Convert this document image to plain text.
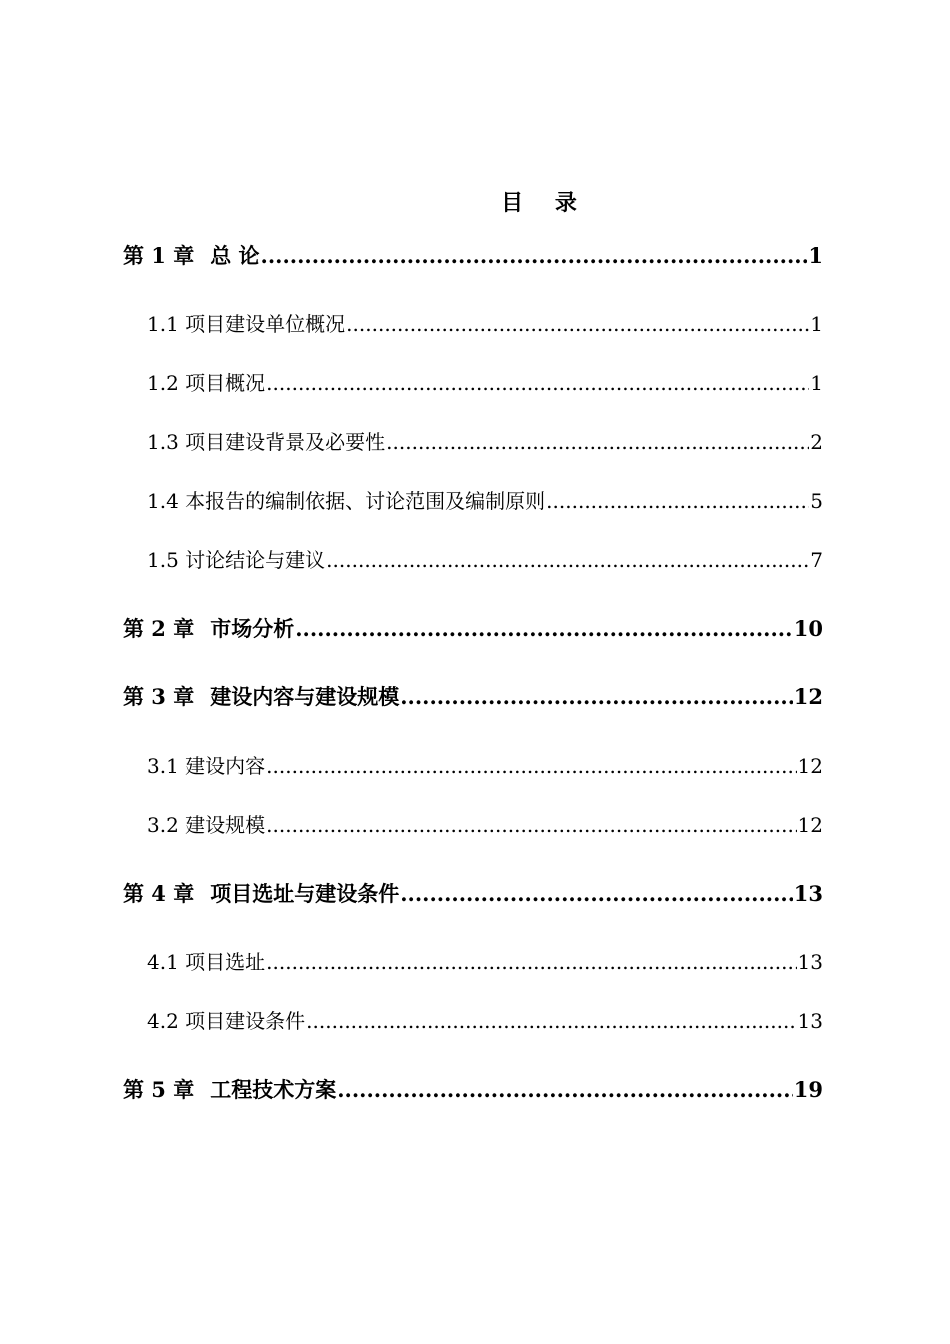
目 录
第 1 章 总 论 .....	1
1.1 项目建设单位概况 .....	1
1.2 项目概况 .....	1
1.3 项目建设背景及必要性 .....	2
1.4 本报告的编制依据、讨论范围及编制原则 .....	5
1.5 讨论结论与建议 .....	7
第 2 章 市场分析 .....	10
第 3 章 建设内容与建设规模 .....	12
3.1 建设内容 .....	12
3.2 建设规模 .....	12
第 4 章 项目选址与建设条件 .....	13
4.1 项目选址 .....	13
4.2 项目建设条件 .....	13
第 5 章 工程技术方案 .....	19
